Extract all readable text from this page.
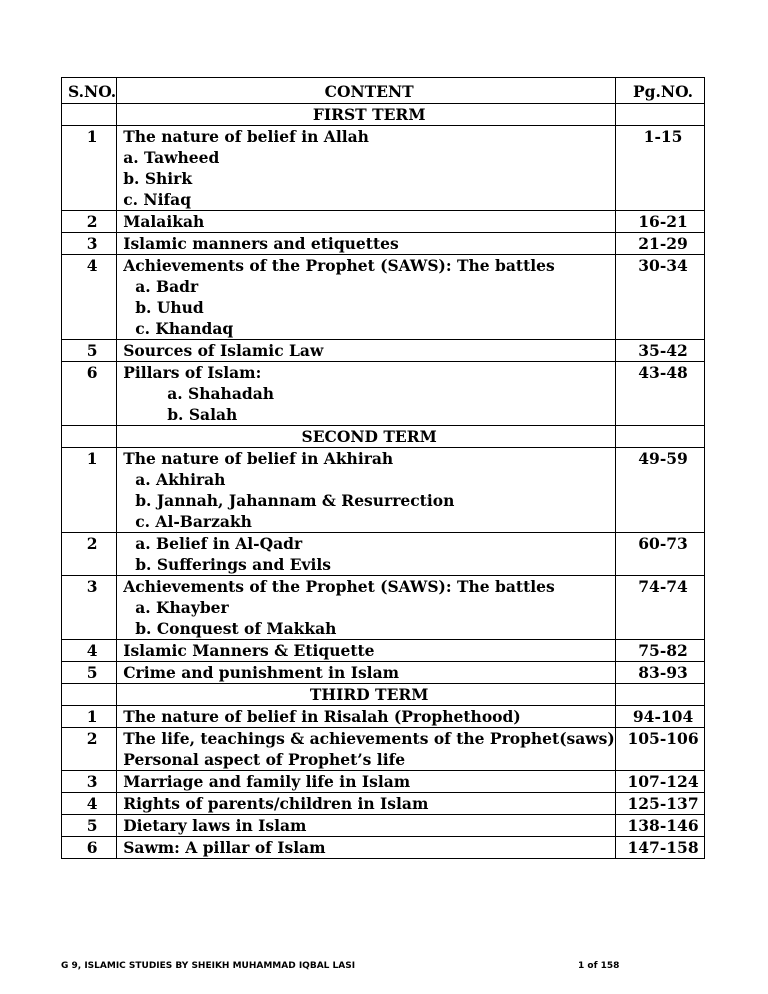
S.NO.	CONTENT	Pg.NO.
	FIRST TERM	
1	The nature of belief in Allah
a. Tawheed
b. Shirk
c. Nifaq	1-15
2	Malaikah	16-21
3	Islamic manners and etiquettes	21-29
4	Achievements of the Prophet (SAWS): The battles
a. Badr
b. Uhud
c. Khandaq	30-34
5	Sources of Islamic Law	35-42
6	Pillars of Islam:
a. Shahadah
b. Salah	43-48
	SECOND TERM	
1	The nature of belief in Akhirah
a. Akhirah
b. Jannah, Jahannam & Resurrection
c. Al-Barzakh	49-59
2	a. Belief in Al-Qadr
b. Sufferings and Evils	60-73
3	Achievements of the Prophet (SAWS): The battles
a. Khayber
b. Conquest of Makkah	74-74
4	Islamic Manners & Etiquette	75-82
5	Crime and punishment in Islam	83-93
	THIRD TERM	
1	The nature of belief in Risalah (Prophethood)	94-104
2	The life, teachings & achievements of the Prophet(saws)
Personal aspect of Prophet’s life	105-106
3	Marriage and family life in Islam	107-124
4	Rights of parents/children in Islam	125-137
5	Dietary laws in Islam	138-146
6	Sawm: A pillar of Islam	147-158
G 9, ISLAMIC STUDIES BY SHEIKH MUHAMMAD IQBAL LASI	1 of 158
